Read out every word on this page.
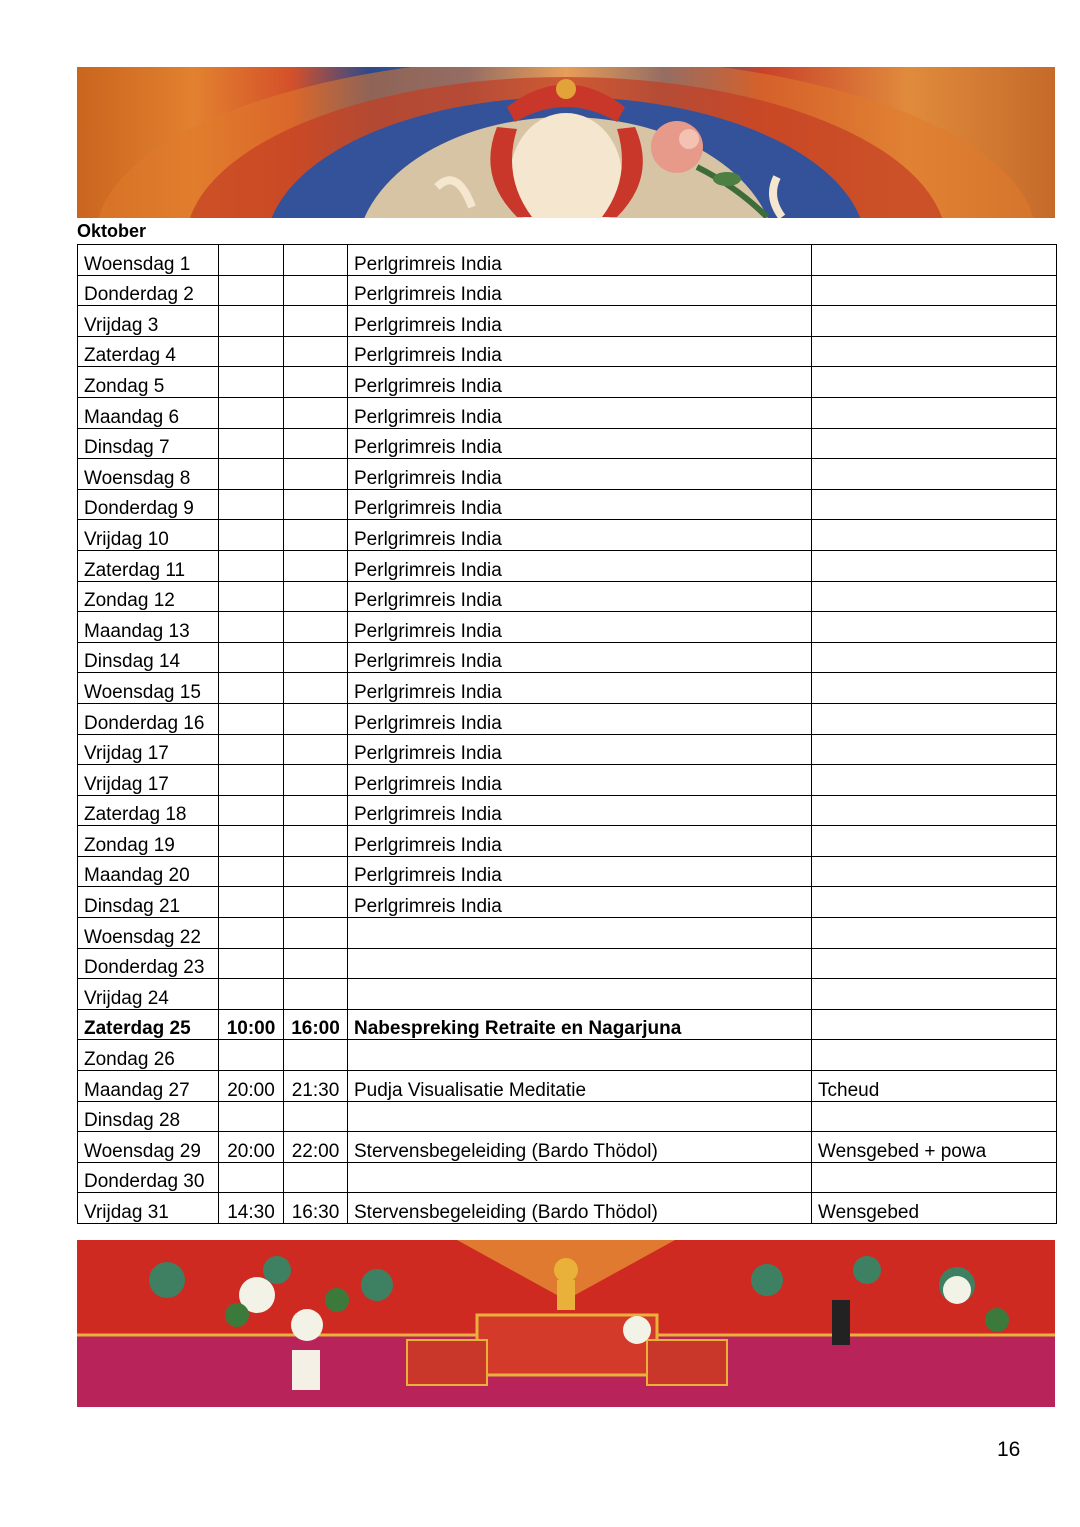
Oktober
Woensdag 1			Perlgrimreis India	
Donderdag 2			Perlgrimreis India	
Vrijdag 3			Perlgrimreis India	
Zaterdag 4			Perlgrimreis India	
Zondag 5			Perlgrimreis India	
Maandag 6			Perlgrimreis India	
Dinsdag 7			Perlgrimreis India	
Woensdag 8			Perlgrimreis India	
Donderdag 9			Perlgrimreis India	
Vrijdag 10			Perlgrimreis India	
Zaterdag 11			Perlgrimreis India	
Zondag 12			Perlgrimreis India	
Maandag 13			Perlgrimreis India	
Dinsdag 14			Perlgrimreis India	
Woensdag 15			Perlgrimreis India	
Donderdag 16			Perlgrimreis India	
Vrijdag 17			Perlgrimreis India	
Vrijdag 17			Perlgrimreis India	
Zaterdag 18			Perlgrimreis India	
Zondag 19			Perlgrimreis India	
Maandag 20			Perlgrimreis India	
Dinsdag 21			Perlgrimreis India	
Woensdag 22				
Donderdag 23				
Vrijdag 24				
Zaterdag 25	10:00	16:00	Nabespreking Retraite en Nagarjuna	
Zondag 26				
Maandag 27	20:00	21:30	Pudja Visualisatie Meditatie	Tcheud
Dinsdag 28				
Woensdag 29	20:00	22:00	Stervensbegeleiding (Bardo Thödol)	Wensgebed + powa
Donderdag 30				
Vrijdag 31	14:30	16:30	Stervensbegeleiding (Bardo Thödol)	Wensgebed
16
